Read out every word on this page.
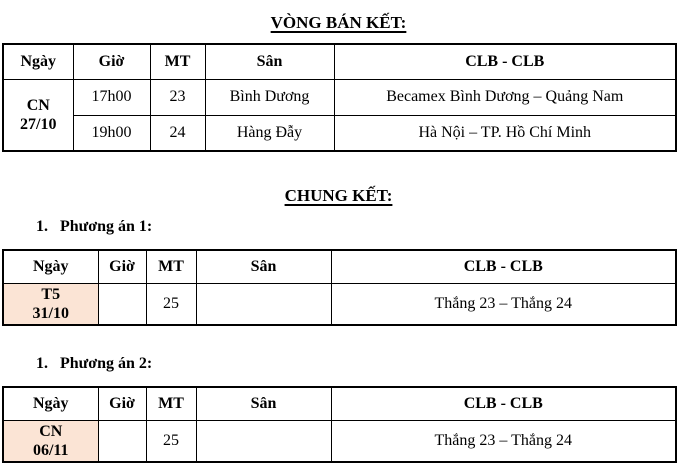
VÒNG BÁN KẾT:
Ngày	Giờ	MT	Sân	CLB - CLB

CN
27/10	17h00	23	Bình Dương	Becamex Bình Dương – Quảng Nam
	19h00	24	Hàng Đẫy	Hà Nội – TP. Hồ Chí Minh
CHUNG KẾT:
1. Phương án 1:
Ngày	Giờ	MT	Sân	CLB - CLB

T5
31/10		25		Thắng 23 – Thắng 24
1. Phương án 2:
Ngày	Giờ	MT	Sân	CLB - CLB

CN
06/11		25		Thắng 23 – Thắng 24
